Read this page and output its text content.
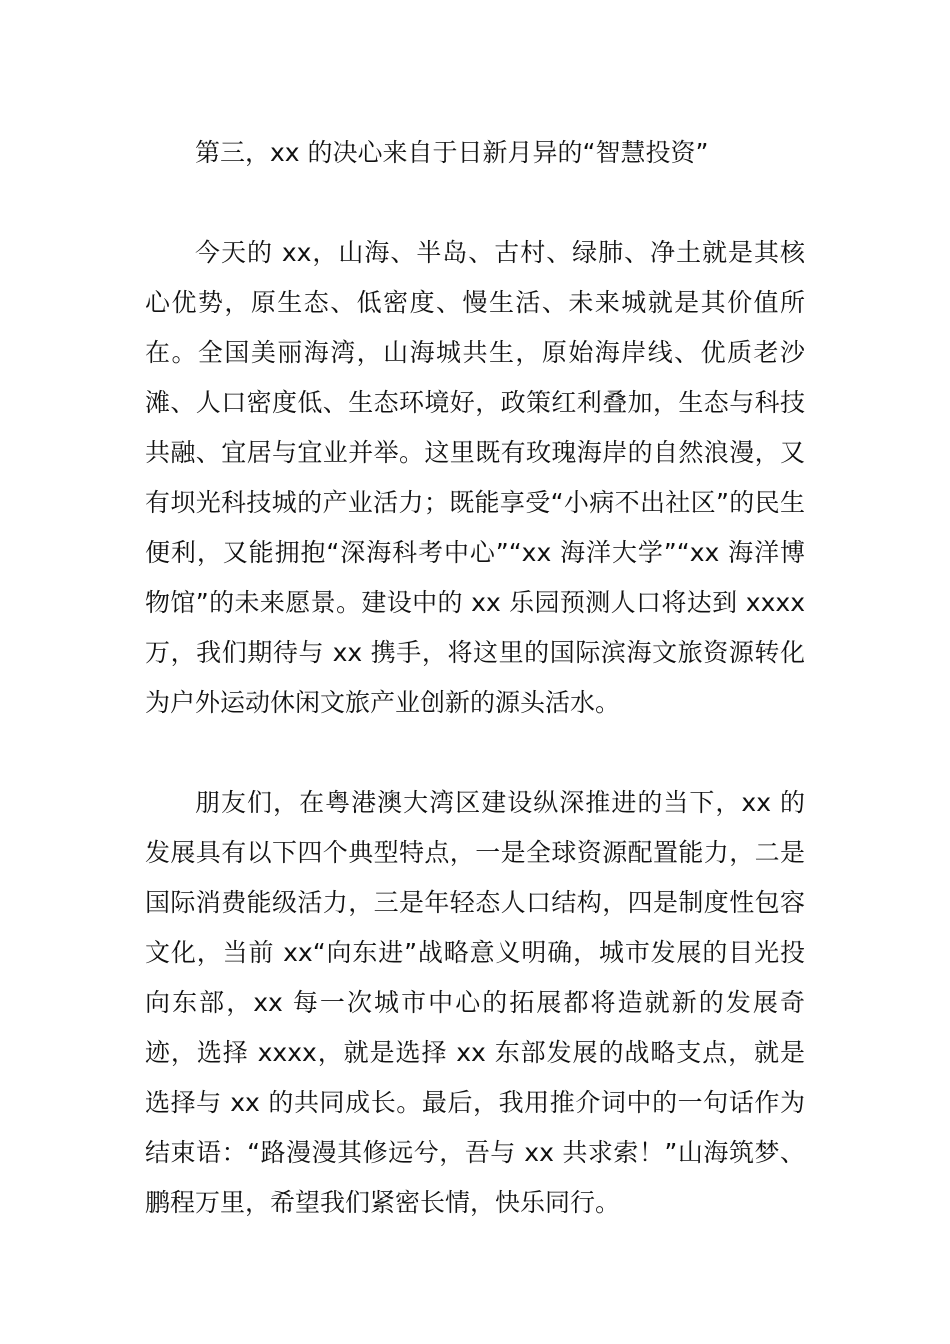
第三，xx 的决心来自于日新月异的“智慧投资”

今天的 xx，山海、半岛、古村、绿肺、净土就是其核心优势，原生态、低密度、慢生活、未来城就是其价值所在。全国美丽海湾，山海城共生，原始海岸线、优质老沙滩、人口密度低、生态环境好，政策红利叠加，生态与科技共融、宜居与宜业并举。这里既有玫瑰海岸的自然浪漫，又有坝光科技城的产业活力；既能享受“小病不出社区”的民生便利，又能拥抱“深海科考中心”“xx 海洋大学”“xx 海洋博物馆”的未来愿景。建设中的 xx 乐园预测人口将达到 xxxx 万，我们期待与 xx 携手，将这里的国际滨海文旅资源转化为户外运动休闲文旅产业创新的源头活水。

朋友们，在粤港澳大湾区建设纵深推进的当下，xx 的发展具有以下四个典型特点，一是全球资源配置能力，二是国际消费能级活力，三是年轻态人口结构，四是制度性包容文化，当前 xx“向东进”战略意义明确，城市发展的目光投向东部，xx 每一次城市中心的拓展都将造就新的发展奇迹，选择 xxxx，就是选择 xx 东部发展的战略支点，就是选择与 xx 的共同成长。最后，我用推介词中的一句话作为结束语：“路漫漫其修远兮，吾与 xx 共求索！”山海筑梦、鹏程万里，希望我们紧密长情，快乐同行。
